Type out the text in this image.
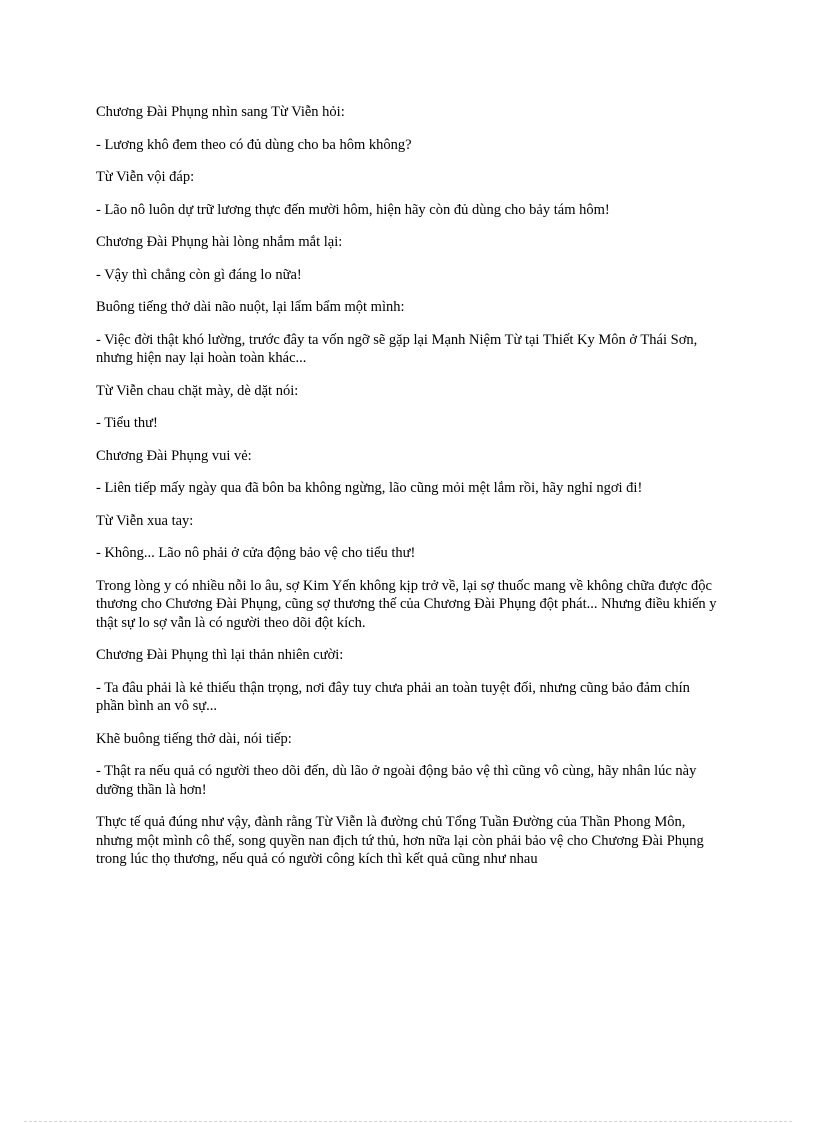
Chương Đài Phụng nhìn sang Từ Viễn hỏi:

- Lương khô đem theo có đủ dùng cho ba hôm không?

Từ Viễn vội đáp:

- Lão nô luôn dự trữ lương thực đến mười hôm, hiện hãy còn đủ dùng cho bảy tám hôm!

Chương Đài Phụng hài lòng nhắm mắt lại:

- Vậy thì chẳng còn gì đáng lo nữa!

Buông tiếng thở dài não nuột, lại lẩm bẩm một mình:

- Việc đời thật khó lường, trước đây ta vốn ngỡ sẽ gặp lại Mạnh Niệm Từ tại Thiết Ky Môn ở Thái Sơn, nhưng hiện nay lại hoàn toàn khác...

Từ Viễn chau chặt mày, dè dặt nói:

- Tiểu thư!

Chương Đài Phụng vui vẻ:

- Liên tiếp mấy ngày qua đã bôn ba không ngừng, lão cũng mỏi mệt lắm rồi, hãy nghỉ ngơi đi!

Từ Viễn xua tay:

- Không... Lão nô phải ở cửa động bảo vệ cho tiểu thư!

Trong lòng y có nhiều nỗi lo âu, sợ Kim Yến không kịp trở về, lại sợ thuốc mang về không chữa được độc thương cho Chương Đài Phụng, cũng sợ thương thế của Chương Đài Phụng đột phát... Nhưng điều khiến y thật sự lo sợ vẫn là có người theo dõi đột kích.

Chương Đài Phụng thì lại thản nhiên cười:

- Ta đâu phải là kẻ thiếu thận trọng, nơi đây tuy chưa phải an toàn tuyệt đối, nhưng cũng bảo đảm chín phần bình an vô sự...

Khẽ buông tiếng thở dài, nói tiếp:

- Thật ra nếu quả có người theo dõi đến, dù lão ở ngoài động bảo vệ thì cũng vô cùng, hãy nhân lúc này dưỡng thần là hơn!

Thực tế quả đúng như vậy, đành rằng Từ Viễn là đường chủ Tổng Tuần Đường của Thần Phong Môn, nhưng một mình cô thế, song quyền nan địch tứ thủ, hơn nữa lại còn phải bảo vệ cho Chương Đài Phụng trong lúc thọ thương, nếu quả có người công kích thì kết quả cũng như nhau
